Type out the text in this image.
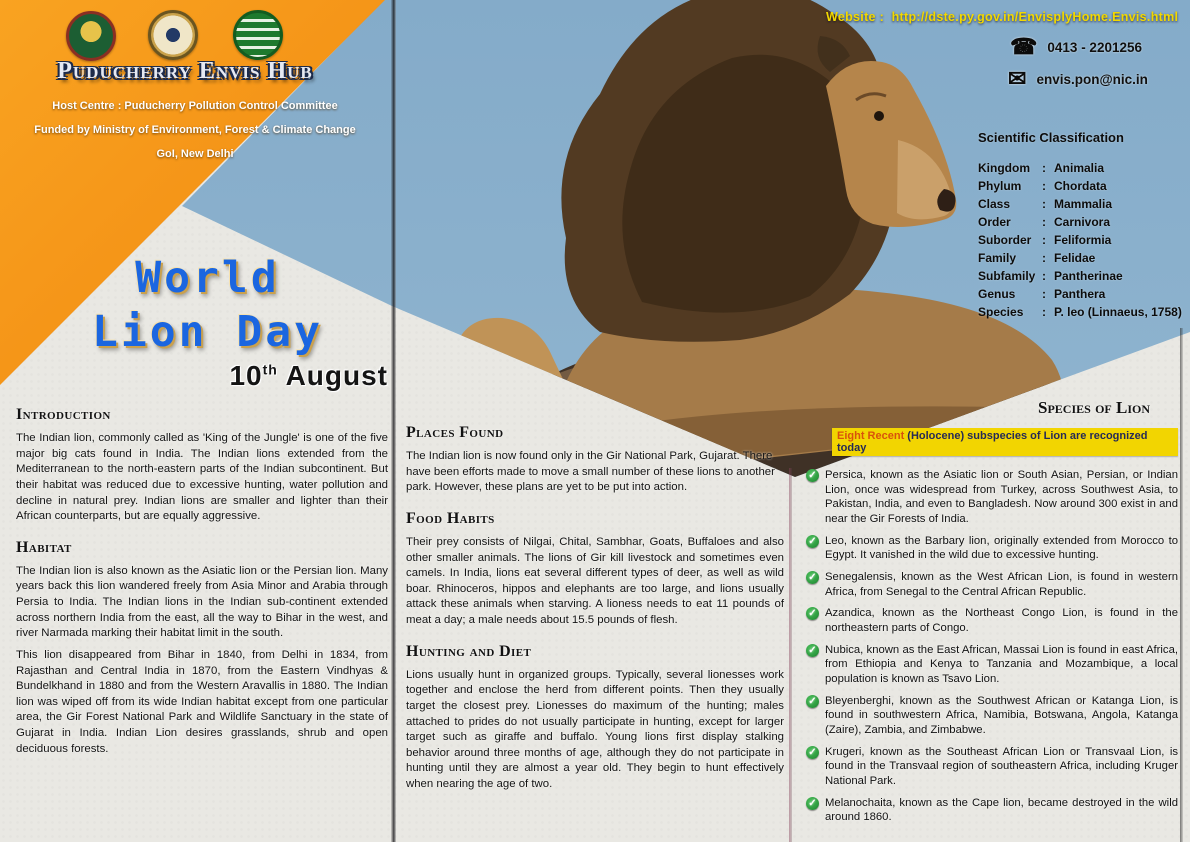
Puducherry Envis Hub
Host Centre : Puducherry Pollution Control Committee
Funded by Ministry of Environment, Forest & Climate Change
GoI, New Delhi
World
Lion Day
10th August
Website : http://dste.py.gov.in/EnvisplyHome.Envis.html
☎ 0413 - 2201256
✉ envis.pon@nic.in
Scientific Classification
Kingdom	: Animalia
Phylum	: Chordata
Class	: Mammalia
Order	: Carnivora
Suborder : Feliformia
Family	: Felidae
Subfamily : Pantherinae
Genus	: Panthera
Species	: P. leo (Linnaeus, 1758)
Introduction

The Indian lion, commonly called as 'King of the Jungle' is one of the five major big cats found in India. The Indian lions extended from the Mediterranean to the north-eastern parts of the Indian subcontinent. But their habitat was reduced due to excessive hunting, water pollution and decline in natural prey. Indian lions are smaller and lighter than their African counterparts, but are equally aggressive.

Habitat

The Indian lion is also known as the Asiatic lion or the Persian lion. Many years back this lion wandered freely from Asia Minor and Arabia through Persia to India. The Indian lions in the Indian sub-continent extended across northern India from the east, all the way to Bihar in the west, and river Narmada marking their habitat limit in the south.

This lion disappeared from Bihar in 1840, from Delhi in 1834, from Rajasthan and Central India in 1870, from the Eastern Vindhyas & Bundelkhand in 1880 and from the Western Aravallis in 1880. The Indian lion was wiped off from its wide Indian habitat except from one particular area, the Gir Forest National Park and Wildlife Sanctuary in the state of Gujarat in India. Indian Lion desires grasslands, shrub and open deciduous forests.

Places Found

The Indian lion is now found only in the Gir National Park, Gujarat. There have been efforts made to move a small number of these lions to another park. However, these plans are yet to be put into action.

Food Habits

Their prey consists of Nilgai, Chital, Sambhar, Goats, Buffaloes and also other smaller animals. The lions of Gir kill livestock and sometimes even camels. In India, lions eat several different types of deer, as well as wild boar. Rhinoceros, hippos and elephants are too large, and lions usually attack these animals when starving. A lioness needs to eat 11 pounds of meat a day; a male needs about 15.5 pounds of flesh.

Hunting and Diet

Lions usually hunt in organized groups. Typically, several lionesses work together and enclose the herd from different points. Then they usually target the closest prey. Lionesses do maximum of the hunting; males attached to prides do not usually participate in hunting, except for larger target such as giraffe and buffalo. Young lions first display stalking behavior around three months of age, although they do not participate in hunting until they are almost a year old. They begin to hunt effectively when nearing the age of two.

Species of Lion
Eight Recent (Holocene) subspecies of Lion are recognized today
✓
Persica, known as the Asiatic lion or South Asian, Persian, or Indian Lion, once was widespread from Turkey, across Southwest Asia, to Pakistan, India, and even to Bangladesh. Now around 300 exist in and near the Gir Forests of India.
✓
Leo, known as the Barbary lion, originally extended from Morocco to Egypt. It vanished in the wild due to excessive hunting.
✓
Senegalensis, known as the West African Lion, is found in western Africa, from Senegal to the Central African Republic.
✓
Azandica, known as the Northeast Congo Lion, is found in the northeastern parts of Congo.
✓
Nubica, known as the East African, Massai Lion is found in east Africa, from Ethiopia and Kenya to Tanzania and Mozambique, a local population is known as Tsavo Lion.
✓
Bleyenberghi, known as the Southwest African or Katanga Lion, is found in southwestern Africa, Namibia, Botswana, Angola, Katanga (Zaire), Zambia, and Zimbabwe.
✓
Krugeri, known as the Southeast African Lion or Transvaal Lion, is found in the Transvaal region of southeastern Africa, including Kruger National Park.
✓
Melanochaita, known as the Cape lion, became destroyed in the wild around 1860.
